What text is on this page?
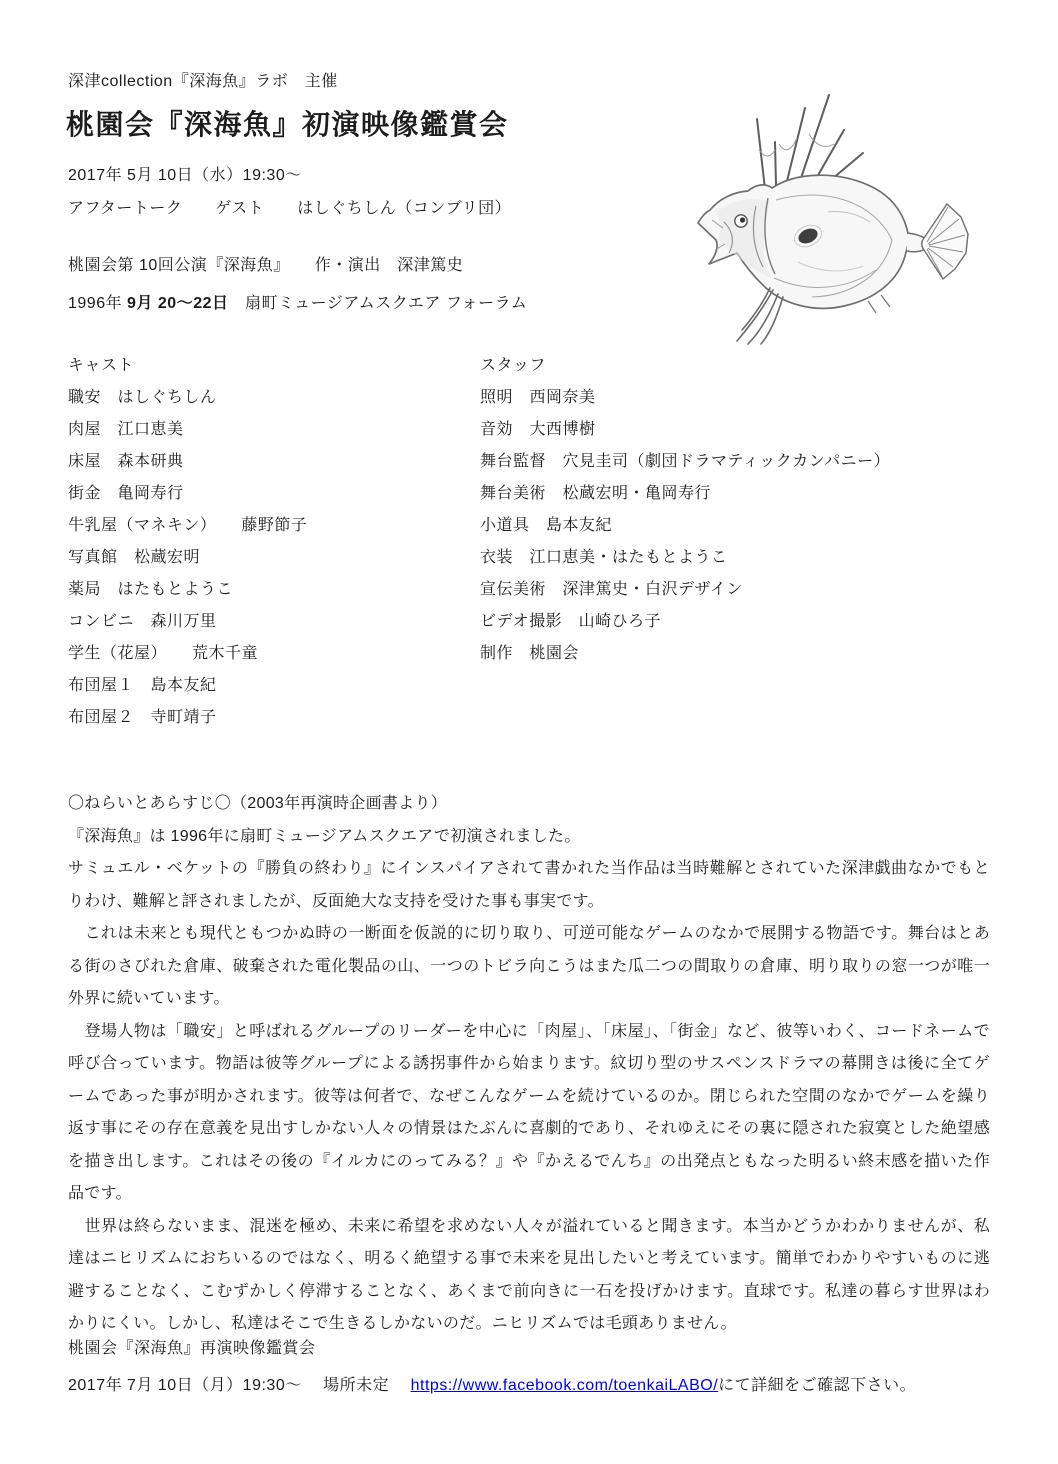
深津collection『深海魚』ラボ　主催
桃園会『深海魚』初演映像鑑賞会
2017年 5月 10日（水）19:30〜
アフタートーク　　ゲスト　　はしぐちしん（コンブリ団）
桃園会第 10回公演『深海魚』　　作・演出　深津篤史
1996年 9月 20〜22日　扇町ミュージアムスクエア フォーラム
キャスト
職安　はしぐちしん
肉屋　江口恵美
床屋　森本研典
街金　亀岡寿行
牛乳屋（マネキン）　　藤野節子
写真館　松蔵宏明
薬局　はたもとようこ
コンビニ　森川万里
学生（花屋）　　荒木千童
布団屋１　島本友紀
布団屋２　寺町靖子
スタッフ
照明　西岡奈美
音効　大西博樹
舞台監督　穴見圭司（劇団ドラマティックカンパニー）
舞台美術　松蔵宏明・亀岡寿行
小道具　島本友紀
衣装　江口恵美・はたもとようこ
宣伝美術　深津篤史・白沢デザイン
ビデオ撮影　山崎ひろ子
制作　桃園会

〇ねらいとあらすじ〇（2003年再演時企画書より）

『深海魚』は 1996年に扇町ミュージアムスクエアで初演されました。

サミュエル・ベケットの『勝負の終わり』にインスパイアされて書かれた当作品は当時難解とされていた深津戯曲なかでもとりわけ、難解と評されましたが、反面絶大な支持を受けた事も事実です。

　これは未来とも現代ともつかぬ時の一断面を仮説的に切り取り、可逆可能なゲームのなかで展開する物語です。舞台はとある街のさびれた倉庫、破棄された電化製品の山、一つのトビラ向こうはまた瓜二つの間取りの倉庫、明り取りの窓一つが唯一外界に続いています。

　登場人物は「職安」と呼ばれるグループのリーダーを中心に「肉屋」、「床屋」、「街金」など、彼等いわく、コードネームで呼び合っています。物語は彼等グループによる誘拐事件から始まります。紋切り型のサスペンスドラマの幕開きは後に全てゲームであった事が明かされます。彼等は何者で、なぜこんなゲームを続けているのか。閉じられた空間のなかでゲームを繰り返す事にその存在意義を見出すしかない人々の情景はたぶんに喜劇的であり、それゆえにその裏に隠された寂寞とした絶望感を描き出します。これはその後の『イルカにのってみる？』や『かえるでんち』の出発点ともなった明るい終末感を描いた作品です。

　世界は終らないまま、混迷を極め、未来に希望を求めない人々が溢れていると聞きます。本当かどうかわかりませんが、私達はニヒリズムにおちいるのではなく、明るく絶望する事で未来を見出したいと考えています。簡単でわかりやすいものに逃避することなく、こむずかしく停滞することなく、あくまで前向きに一石を投げかけます。直球です。私達の暮らす世界はわかりにくい。しかし、私達はそこで生きるしかないのだ。ニヒリズムでは毛頭ありません。

桃園会『深海魚』再演映像鑑賞会
2017年 7月 10日（月）19:30〜　 場所未定　 https://www.facebook.com/toenkaiLABO/にて詳細をご確認下さい。
